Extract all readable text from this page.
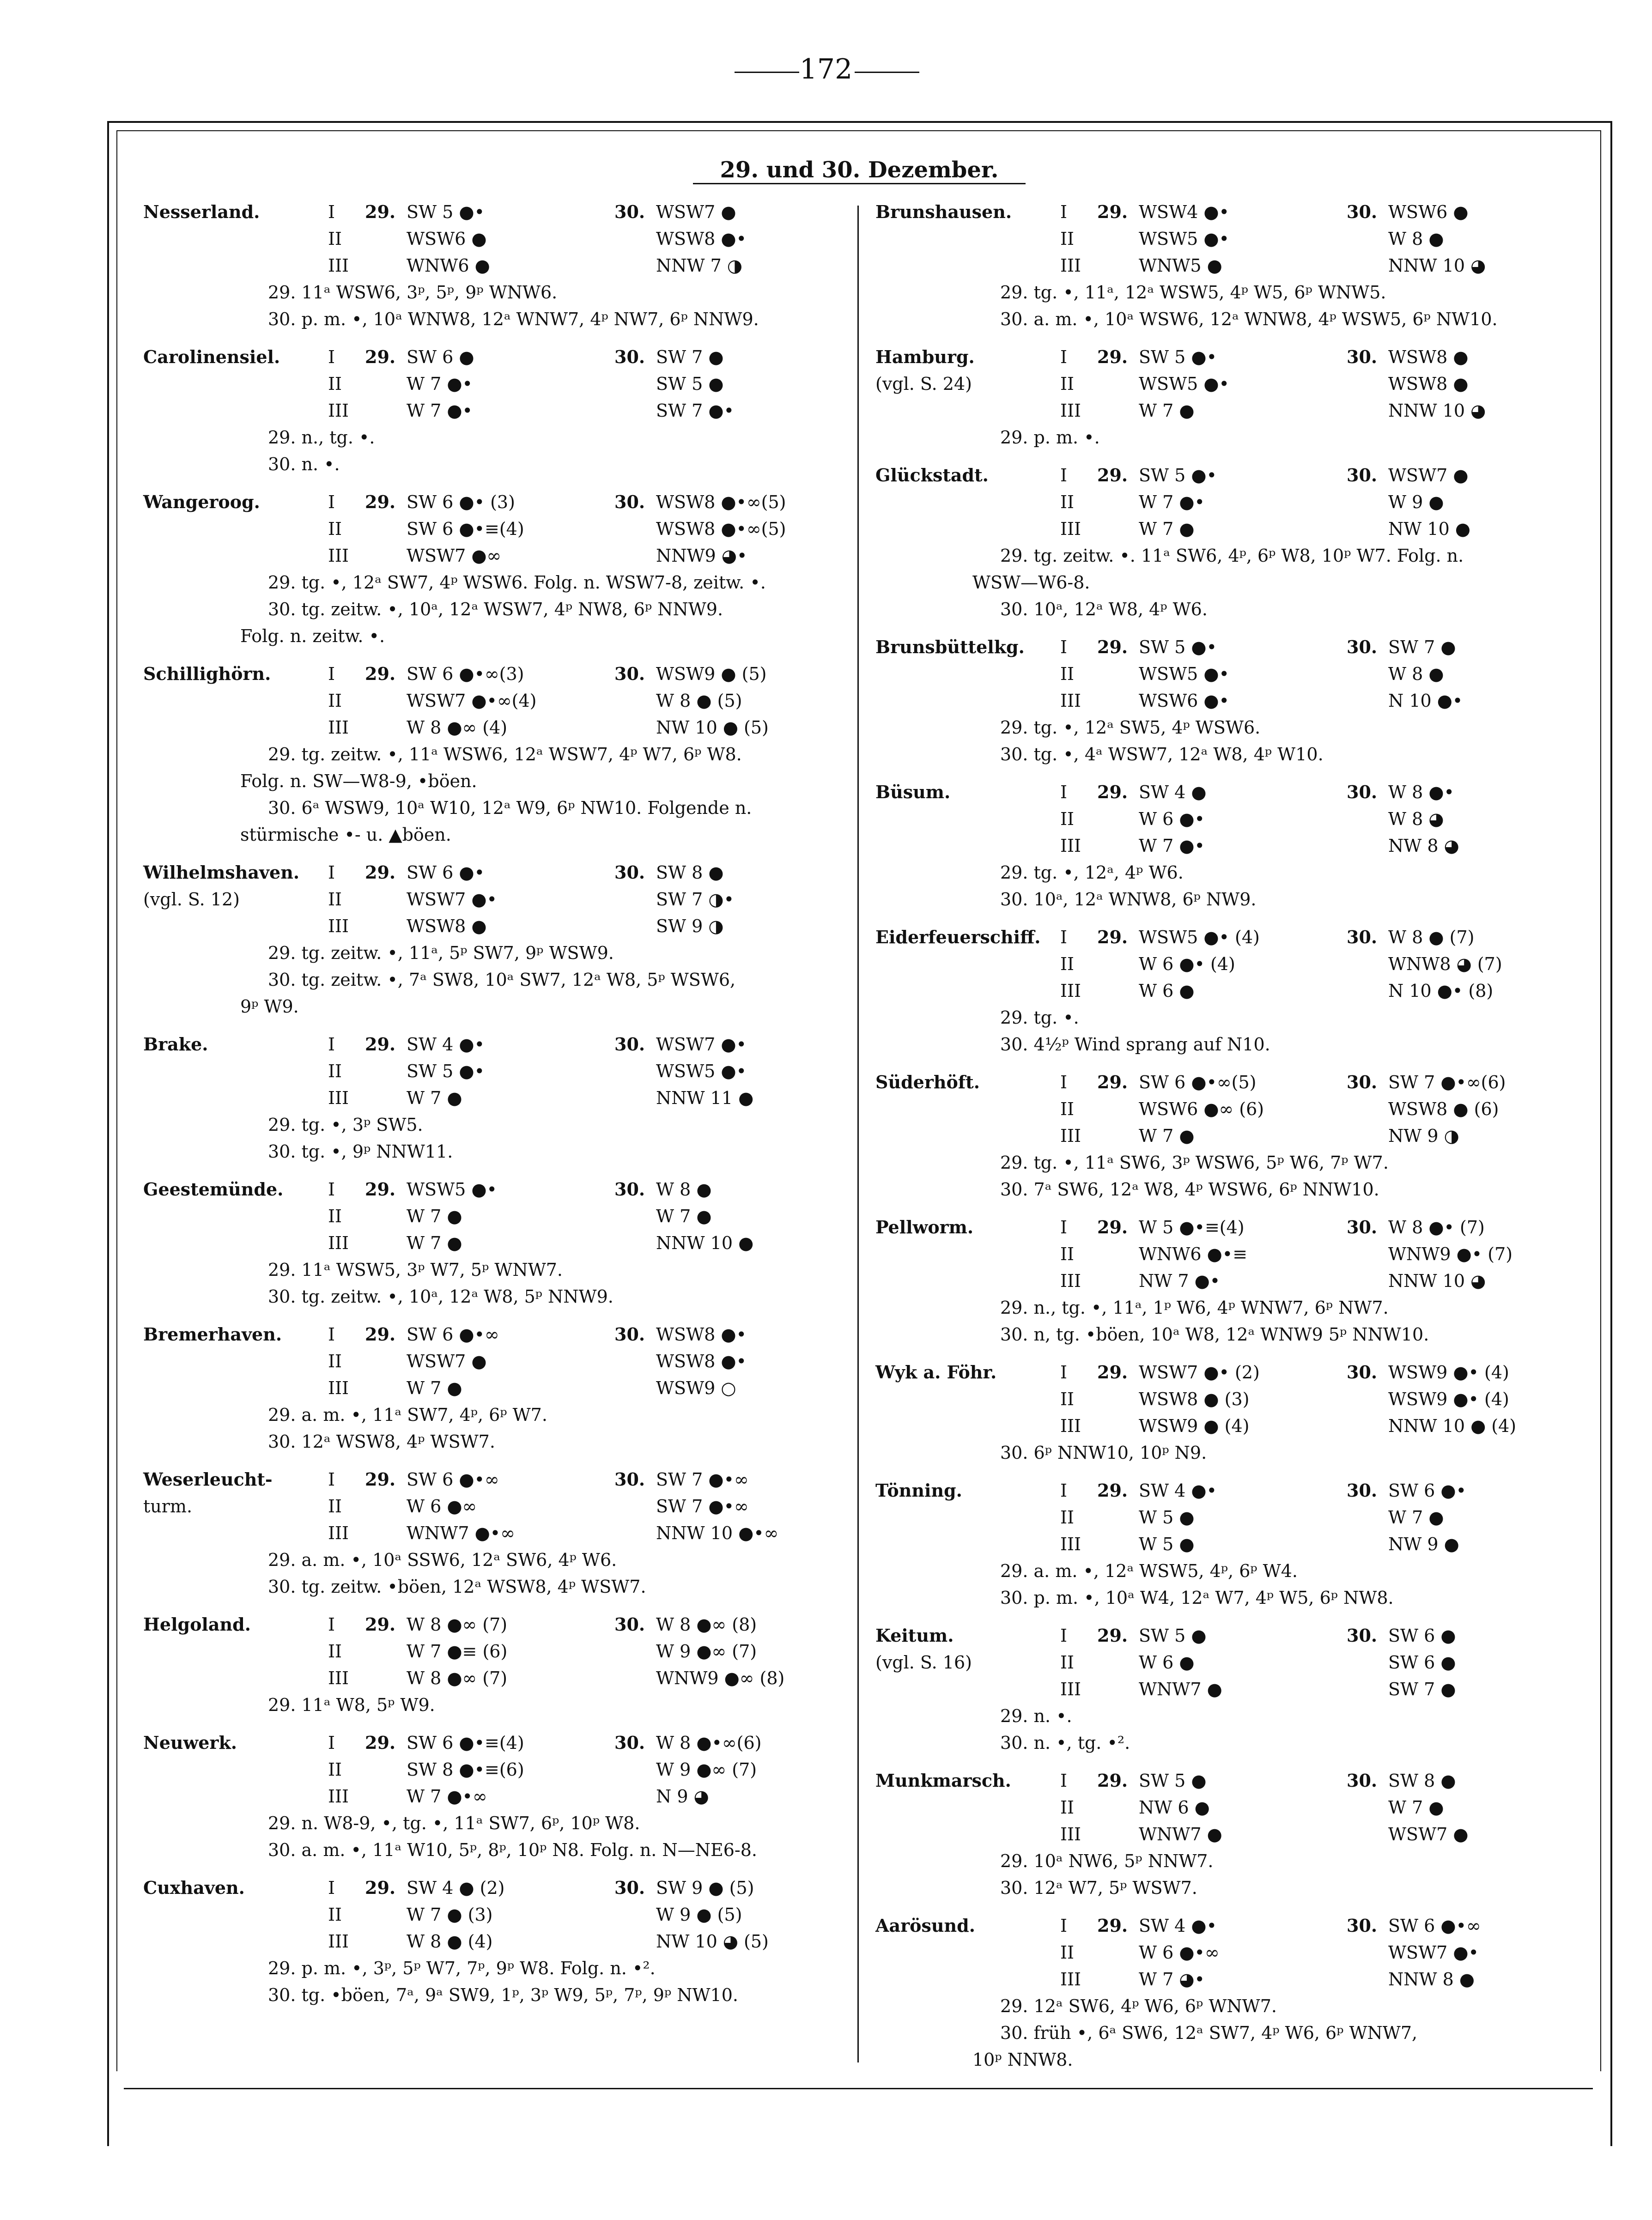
172
29. und 30. Dezember.
Nesserland.	I	29. SW 5 ●•	30. WSW7 ●
II	WSW6 ●	WSW8 ●•
III	WNW6 ●	NNW 7 ◑
29. 11ᵃ WSW6, 3ᵖ, 5ᵖ, 9ᵖ WNW6.
30. p. m. •, 10ᵃ WNW8, 12ᵃ WNW7, 4ᵖ NW7, 6ᵖ NNW9.
Carolinensiel.	I	29. SW 6 ●	30. SW 7 ●
II	W 7 ●•	SW 5 ●
III	W 7 ●•	SW 7 ●•
29. n., tg. •.
30. n. •.
Wangeroog.	I	29. SW 6 ●• (3)	30. WSW8 ●•∞(5)
II	SW 6 ●•≡(4)	WSW8 ●•∞(5)
III	WSW7 ●∞	NNW9 ◕•
29. tg. •, 12ᵃ SW7, 4ᵖ WSW6. Folg. n. WSW7-8, zeitw. •.
30. tg. zeitw. •, 10ᵃ, 12ᵃ WSW7, 4ᵖ NW8, 6ᵖ NNW9.
Folg. n. zeitw. •.
Schillighörn.	I	29. SW 6 ●•∞(3)	30. WSW9 ● (5)
II	WSW7 ●•∞(4)	W 8 ● (5)
III	W 8 ●∞ (4)	NW 10 ● (5)
29. tg. zeitw. •, 11ᵃ WSW6, 12ᵃ WSW7, 4ᵖ W7, 6ᵖ W8.
Folg. n. SW—W8-9, •böen.
30. 6ᵃ WSW9, 10ᵃ W10, 12ᵃ W9, 6ᵖ NW10. Folgende n.
stürmische •- u. ▲böen.
Wilhelmshaven.	I	29. SW 6 ●•	30. SW 8 ●
(vgl. S. 12)	II	WSW7 ●•	SW 7 ◑•
III	WSW8 ●	SW 9 ◑
29. tg. zeitw. •, 11ᵃ, 5ᵖ SW7, 9ᵖ WSW9.
30. tg. zeitw. •, 7ᵃ SW8, 10ᵃ SW7, 12ᵃ W8, 5ᵖ WSW6,
9ᵖ W9.
Brake.	I	29. SW 4 ●•	30. WSW7 ●•
II	SW 5 ●•	WSW5 ●•
III	W 7 ●	NNW 11 ●
29. tg. •, 3ᵖ SW5.
30. tg. •, 9ᵖ NNW11.
Geestemünde.	I	29. WSW5 ●•	30. W 8 ●
II	W 7 ●	W 7 ●
III	W 7 ●	NNW 10 ●
29. 11ᵃ WSW5, 3ᵖ W7, 5ᵖ WNW7.
30. tg. zeitw. •, 10ᵃ, 12ᵃ W8, 5ᵖ NNW9.
Bremerhaven.	I	29. SW 6 ●•∞	30. WSW8 ●•
II	WSW7 ●	WSW8 ●•
III	W 7 ●	WSW9 ○
29. a. m. •, 11ᵃ SW7, 4ᵖ, 6ᵖ W7.
30. 12ᵃ WSW8, 4ᵖ WSW7.
Weserleucht-	I	29. SW 6 ●•∞	30. SW 7 ●•∞
turm.	II	W 6 ●∞	SW 7 ●•∞
III	WNW7 ●•∞	NNW 10 ●•∞
29. a. m. •, 10ᵃ SSW6, 12ᵃ SW6, 4ᵖ W6.
30. tg. zeitw. •böen, 12ᵃ WSW8, 4ᵖ WSW7.
Helgoland.	I	29. W 8 ●∞ (7)	30. W 8 ●∞ (8)
II	W 7 ●≡ (6)	W 9 ●∞ (7)
III	W 8 ●∞ (7)	WNW9 ●∞ (8)
29. 11ᵃ W8, 5ᵖ W9.
Neuwerk.	I	29. SW 6 ●•≡(4)	30. W 8 ●•∞(6)
II	SW 8 ●•≡(6)	W 9 ●∞ (7)
III	W 7 ●•∞	N 9 ◕
29. n. W8-9, •, tg. •, 11ᵃ SW7, 6ᵖ, 10ᵖ W8.
30. a. m. •, 11ᵃ W10, 5ᵖ, 8ᵖ, 10ᵖ N8. Folg. n. N—NE6-8.
Cuxhaven.	I	29. SW 4 ● (2)	30. SW 9 ● (5)
II	W 7 ● (3)	W 9 ● (5)
III	W 8 ● (4)	NW 10 ◕ (5)
29. p. m. •, 3ᵖ, 5ᵖ W7, 7ᵖ, 9ᵖ W8. Folg. n. •².
30. tg. •böen, 7ᵃ, 9ᵃ SW9, 1ᵖ, 3ᵖ W9, 5ᵖ, 7ᵖ, 9ᵖ NW10.
Brunshausen.	I	29. WSW4 ●•	30. WSW6 ●
II	WSW5 ●•	W 8 ●
III	WNW5 ●	NNW 10 ◕
29. tg. •, 11ᵃ, 12ᵃ WSW5, 4ᵖ W5, 6ᵖ WNW5.
30. a. m. •, 10ᵃ WSW6, 12ᵃ WNW8, 4ᵖ WSW5, 6ᵖ NW10.
Hamburg.	I	29. SW 5 ●•	30. WSW8 ●
(vgl. S. 24)	II	WSW5 ●•	WSW8 ●
III	W 7 ●	NNW 10 ◕
29. p. m. •.
Glückstadt.	I	29. SW 5 ●•	30. WSW7 ●
II	W 7 ●•	W 9 ●
III	W 7 ●	NW 10 ●
29. tg. zeitw. •. 11ᵃ SW6, 4ᵖ, 6ᵖ W8, 10ᵖ W7. Folg. n.
WSW—W6-8.
30. 10ᵃ, 12ᵃ W8, 4ᵖ W6.
Brunsbüttelkg.	I	29. SW 5 ●•	30. SW 7 ●
II	WSW5 ●•	W 8 ●
III	WSW6 ●•	N 10 ●•
29. tg. •, 12ᵃ SW5, 4ᵖ WSW6.
30. tg. •, 4ᵃ WSW7, 12ᵃ W8, 4ᵖ W10.
Büsum.	I	29. SW 4 ●	30. W 8 ●•
II	W 6 ●•	W 8 ◕
III	W 7 ●•	NW 8 ◕
29. tg. •, 12ᵃ, 4ᵖ W6.
30. 10ᵃ, 12ᵃ WNW8, 6ᵖ NW9.
Eiderfeuerschiff.	I	29. WSW5 ●• (4)	30. W 8 ● (7)
II	W 6 ●• (4)	WNW8 ◕ (7)
III	W 6 ●	N 10 ●• (8)
29. tg. •.
30. 4½ᵖ Wind sprang auf N10.
Süderhöft.	I	29. SW 6 ●•∞(5)	30. SW 7 ●•∞(6)
II	WSW6 ●∞ (6)	WSW8 ● (6)
III	W 7 ●	NW 9 ◑
29. tg. •, 11ᵃ SW6, 3ᵖ WSW6, 5ᵖ W6, 7ᵖ W7.
30. 7ᵃ SW6, 12ᵃ W8, 4ᵖ WSW6, 6ᵖ NNW10.
Pellworm.	I	29. W 5 ●•≡(4)	30. W 8 ●• (7)
II	WNW6 ●•≡	WNW9 ●• (7)
III	NW 7 ●•	NNW 10 ◕
29. n., tg. •, 11ᵃ, 1ᵖ W6, 4ᵖ WNW7, 6ᵖ NW7.
30. n, tg. •böen, 10ᵃ W8, 12ᵃ WNW9 5ᵖ NNW10.
Wyk a. Föhr.	I	29. WSW7 ●• (2)	30. WSW9 ●• (4)
II	WSW8 ● (3)	WSW9 ●• (4)
III	WSW9 ● (4)	NNW 10 ● (4)
30. 6ᵖ NNW10, 10ᵖ N9.
Tönning.	I	29. SW 4 ●•	30. SW 6 ●•
II	W 5 ●	W 7 ●
III	W 5 ●	NW 9 ●
29. a. m. •, 12ᵃ WSW5, 4ᵖ, 6ᵖ W4.
30. p. m. •, 10ᵃ W4, 12ᵃ W7, 4ᵖ W5, 6ᵖ NW8.
Keitum.	I	29. SW 5 ●	30. SW 6 ●
(vgl. S. 16)	II	W 6 ●	SW 6 ●
III	WNW7 ●	SW 7 ●
29. n. •.
30. n. •, tg. •².
Munkmarsch.	I	29. SW 5 ●	30. SW 8 ●
II	NW 6 ●	W 7 ●
III	WNW7 ●	WSW7 ●
29. 10ᵃ NW6, 5ᵖ NNW7.
30. 12ᵃ W7, 5ᵖ WSW7.
Aarösund.	I	29. SW 4 ●•	30. SW 6 ●•∞
II	W 6 ●•∞	WSW7 ●•
III	W 7 ◕•	NNW 8 ●
29. 12ᵃ SW6, 4ᵖ W6, 6ᵖ WNW7.
30. früh •, 6ᵃ SW6, 12ᵃ SW7, 4ᵖ W6, 6ᵖ WNW7,
10ᵖ NNW8.
